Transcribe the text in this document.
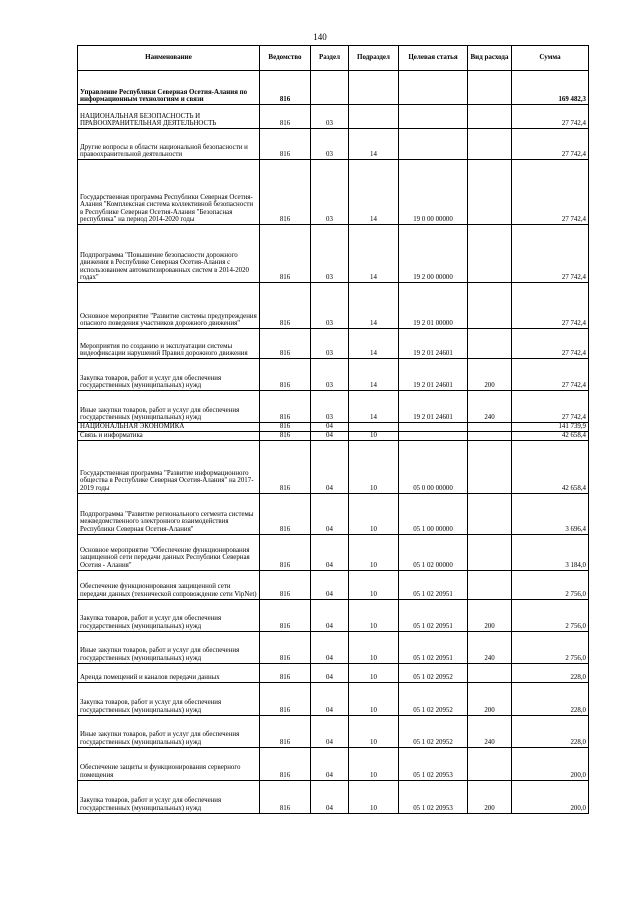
140
Наименование	Ведомство	Раздел	Подраздел	Целевая статья	Вид расхода	Сумма
Управление Республики Северная Осетия-Алания по информационным технологиям и связи	816					169 482,3
НАЦИОНАЛЬНАЯ БЕЗОПАСНОСТЬ И ПРАВООХРАНИТЕЛЬНАЯ ДЕЯТЕЛЬНОСТЬ	816	03				27 742,4
Другие вопросы в области национальной безопасности и правоохранительной деятельности	816	03	14			27 742,4
Государственная программа Республики Северная Осетия-Алания "Комплексная система коллективной безопасности в Республике Северная Осетия-Алания "Безопасная республика" на период 2014-2020 годы	816	03	14	19 0 00 00000		27 742,4
Подпрограмма "Повышение безопасности дорожного движения в Республике Северная Осетия-Алания с использованием автоматизированных систем в 2014-2020 годах"	816	03	14	19 2 00 00000		27 742,4
Основное мероприятие "Развитие системы предупреждения опасного поведения участников дорожного движения"	816	03	14	19 2 01 00000		27 742,4
Мероприятия по созданию и эксплуатации системы видеофиксации нарушений Правил дорожного движения	816	03	14	19 2 01 24601		27 742,4
Закупка товаров, работ и услуг для обеспечения государственных (муниципальных) нужд	816	03	14	19 2 01 24601	200	27 742,4
Иные закупки товаров, работ и услуг для обеспечения государственных (муниципальных) нужд	816	03	14	19 2 01 24601	240	27 742,4
НАЦИОНАЛЬНАЯ ЭКОНОМИКА	816	04				141 739,9
Связь и информатика	816	04	10			42 658,4
Государственная программа "Развитие информационного общества в Республике Северная Осетия-Алания" на 2017-2019 годы	816	04	10	05 0 00 00000		42 658,4
Подпрограмма "Развитие регионального сегмента системы межведомственного электронного взаимодействия Республики Северная Осетия-Алания"	816	04	10	05 1 00 00000		3 696,4
Основное мероприятие "Обеспечение функционирования защищенной сети передачи данных Республики Северная Осетия - Алания"	816	04	10	05 1 02 00000		3 184,0
Обеспечение функционирования защищенной сети передачи данных (технической сопровождение сети VipNet)	816	04	10	05 1 02 20951		2 756,0
Закупка товаров, работ и услуг для обеспечения государственных (муниципальных) нужд	816	04	10	05 1 02 20951	200	2 756,0
Иные закупки товаров, работ и услуг для обеспечения государственных (муниципальных) нужд	816	04	10	05 1 02 20951	240	2 756,0
Аренда помещений и каналов передачи данных	816	04	10	05 1 02 20952		228,0
Закупка товаров, работ и услуг для обеспечения государственных (муниципальных) нужд	816	04	10	05 1 02 20952	200	228,0
Иные закупки товаров, работ и услуг для обеспечения государственных (муниципальных) нужд	816	04	10	05 1 02 20952	240	228,0
Обеспечение защиты и функционирования серверного помещения	816	04	10	05 1 02 20953		200,0
Закупка товаров, работ и услуг для обеспечения государственных (муниципальных) нужд	816	04	10	05 1 02 20953	200	200,0
